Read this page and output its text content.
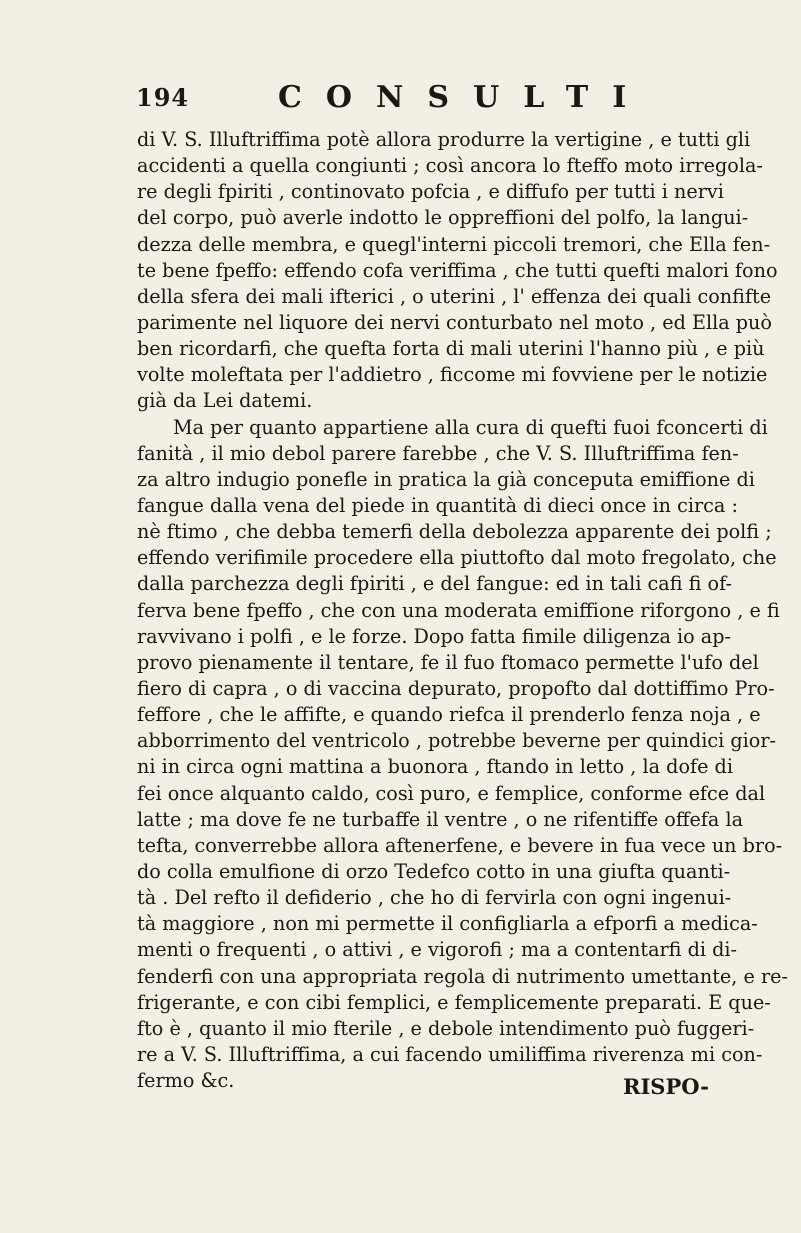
194	CONSULTI
di V. S. Illuftriffima potè allora produrre la vertigine , e tutti gli
accidenti a quella congiunti ; così ancora lo fteffo moto irregola-
re degli fpiriti , continovato pofcia , e diffufo per tutti i nervi
del corpo, può averle indotto le oppreffioni del polfo, la langui-
dezza delle membra, e quegl'interni piccoli tremori, che Ella fen-
te bene fpeffo: effendo cofa veriffima , che tutti quefti malori fono
della sfera dei mali ifterici , o uterini , l' effenza dei quali confifte
parimente nel liquore dei nervi conturbato nel moto , ed Ella può
ben ricordarfi, che quefta forta di mali uterini l'hanno più , e più
volte moleftata per l'addietro , ficcome mi fovviene per le notizie
già da Lei datemi.
Ma per quanto appartiene alla cura di quefti fuoi fconcerti di
fanità , il mio debol parere farebbe , che V. S. Illuftriffima fen-
za altro indugio ponefle in pratica la già conceputa emiffione di
fangue dalla vena del piede in quantità di dieci once in circa :
nè ftimo , che debba temerfi della debolezza apparente dei polfi ;
effendo verifimile procedere ella piuttofto dal moto fregolato, che
dalla parchezza degli fpiriti , e del fangue: ed in tali cafi fi of-
ferva bene fpeffo , che con una moderata emiffione riforgono , e fi
ravvivano i polfi , e le forze. Dopo fatta fimile diligenza io ap-
provo pienamente il tentare, fe il fuo ftomaco permette l'ufo del
fiero di capra , o di vaccina depurato, propofto dal dottiffimo Pro-
feffore , che le affifte, e quando riefca il prenderlo fenza noja , e
abborrimento del ventricolo , potrebbe beverne per quindici gior-
ni in circa ogni mattina a buonora , ftando in letto , la dofe di
fei once alquanto caldo, così puro, e femplice, conforme efce dal
latte ; ma dove fe ne turbaffe il ventre , o ne rifentiffe offefa la
tefta, converrebbe allora aftenerfene, e bevere in fua vece un bro-
do colla emulfione di orzo Tedefco cotto in una giufta quanti-
tà . Del refto il defiderio , che ho di fervirla con ogni ingenui-
tà maggiore , non mi permette il configliarla a efporfi a medica-
menti o frequenti , o attivi , e vigorofi ; ma a contentarfi di di-
fenderfi con una appropriata regola di nutrimento umettante, e re-
frigerante, e con cibi femplici, e femplicemente preparati. E que-
fto è , quanto il mio fterile , e debole intendimento può fuggeri-
re a V. S. Illuftriffima, a cui facendo umiliffima riverenza mi con-
fermo &c.	RISPO-
